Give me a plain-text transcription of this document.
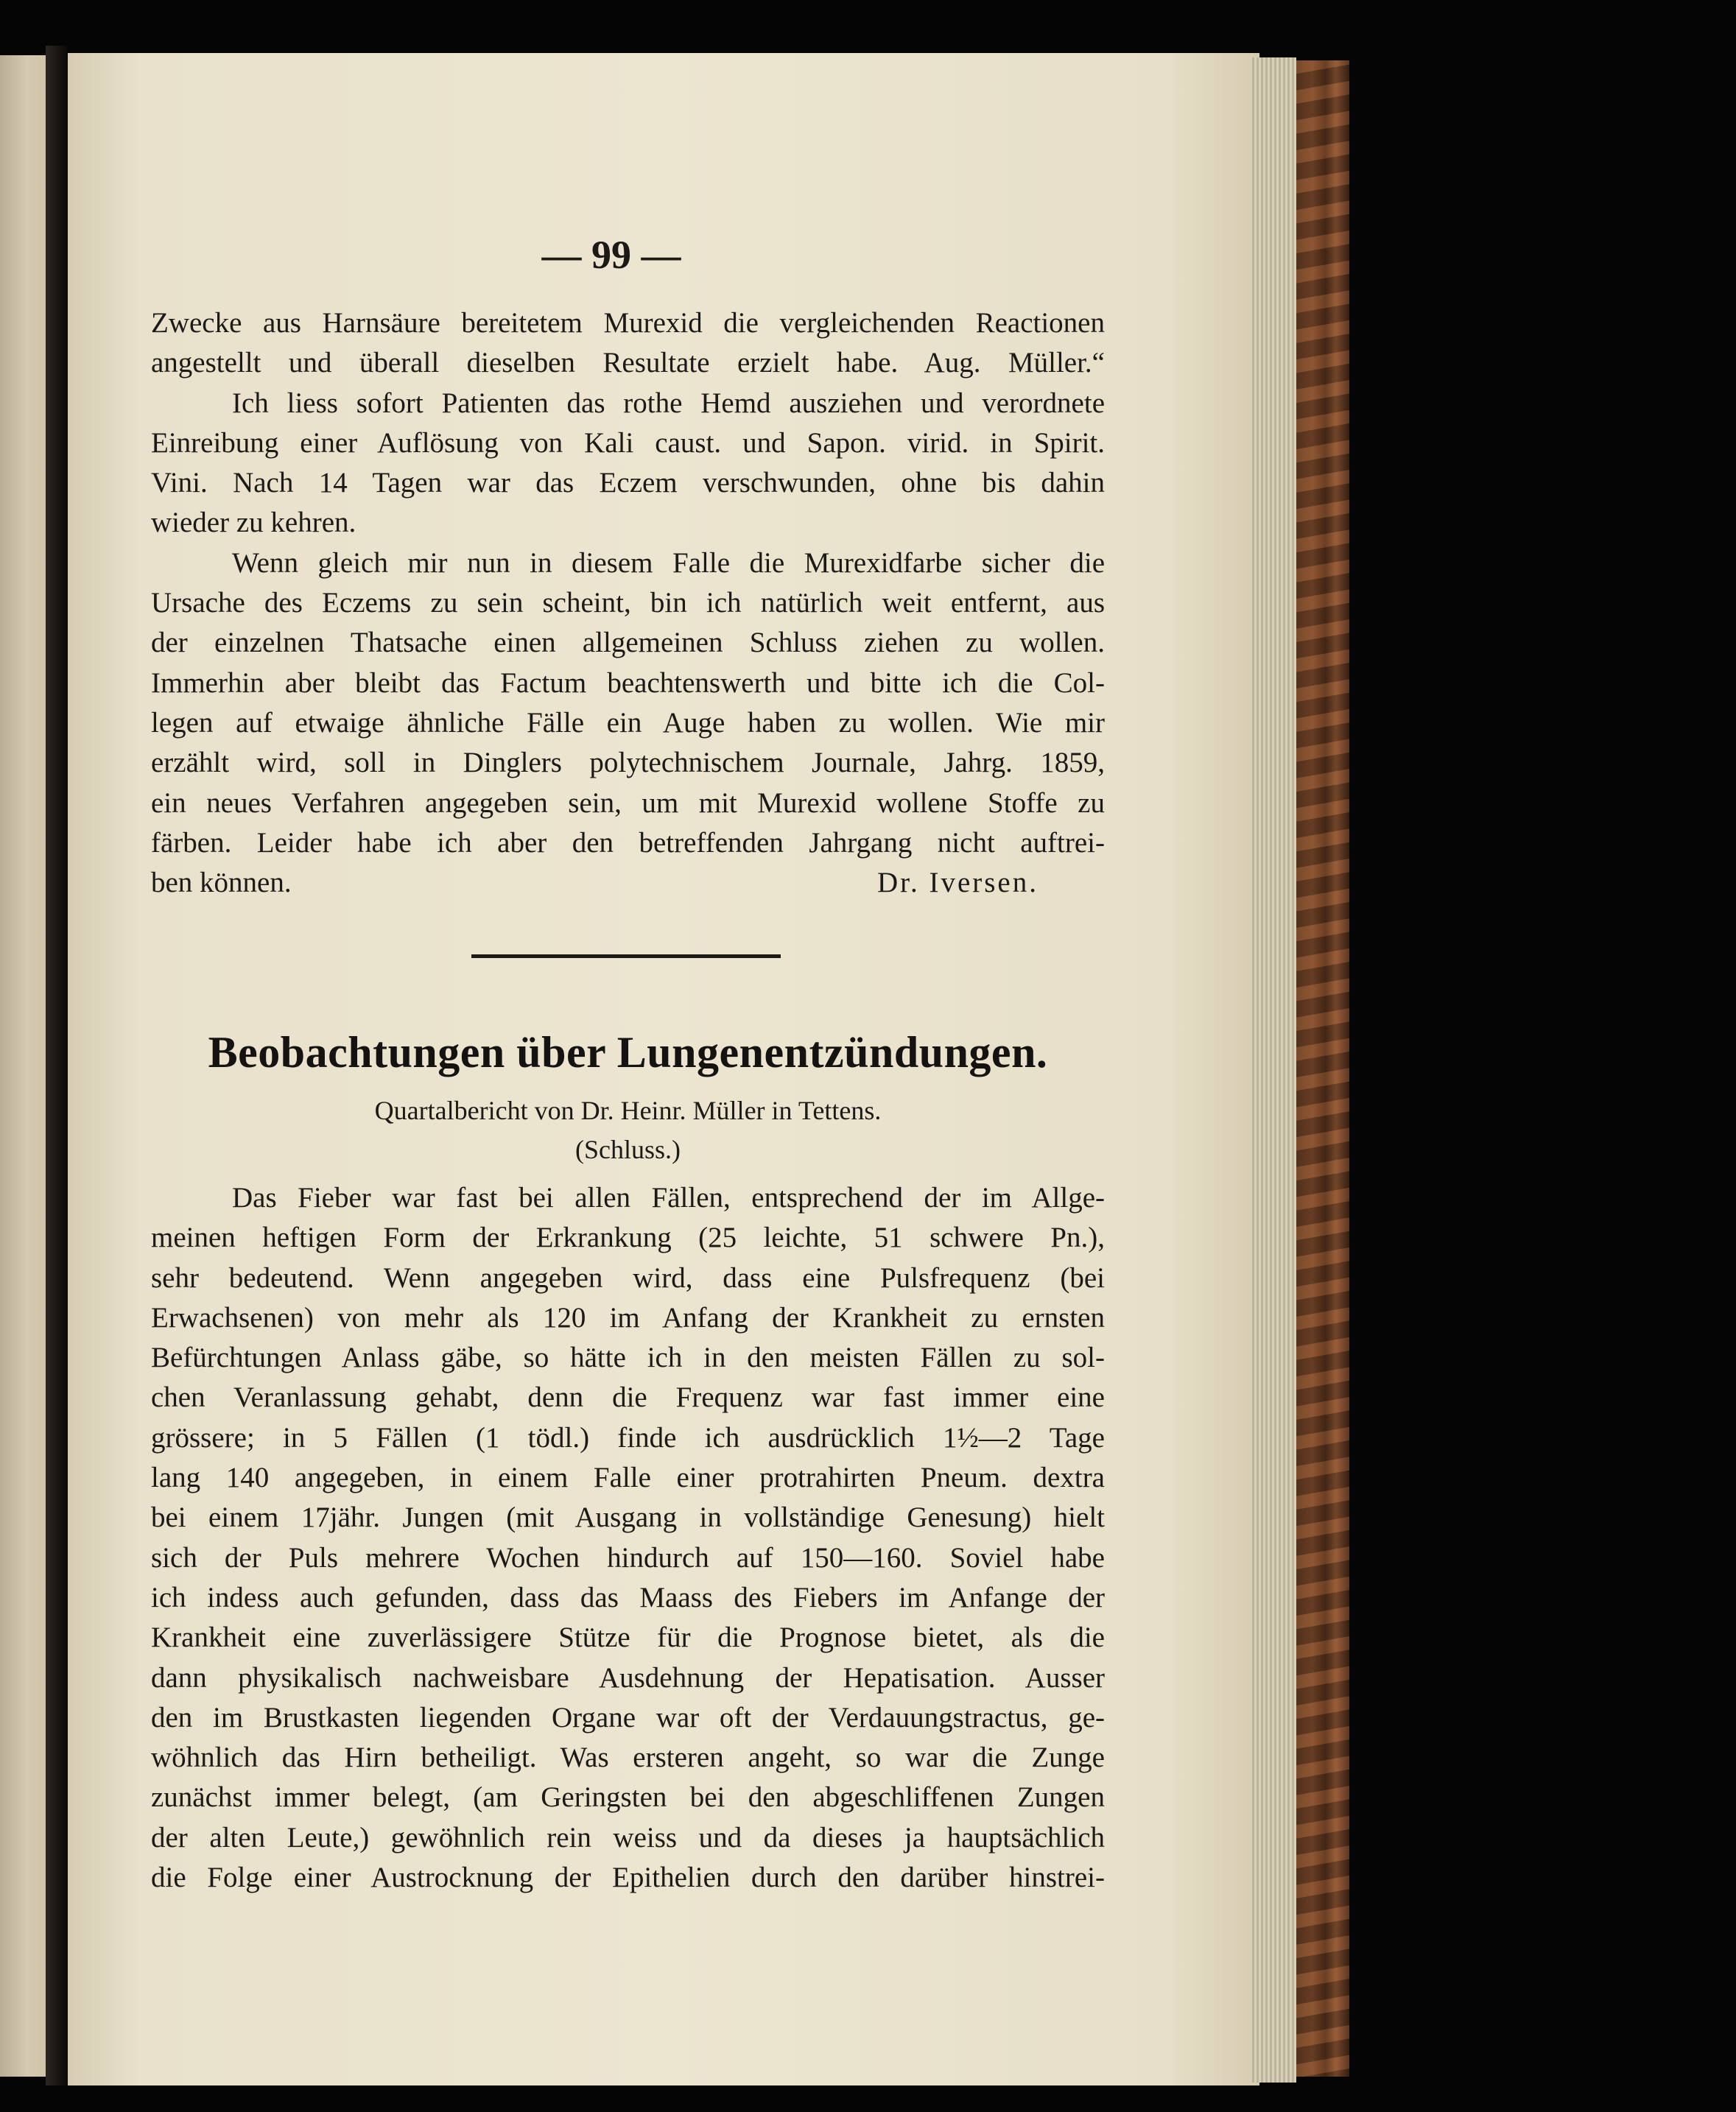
— 99 —
Zwecke aus Harnsäure bereitetem Murexid die vergleichenden Reactionen
angestellt und überall dieselben Resultate erzielt habe. Aug. Müller.“
Ich liess sofort Patienten das rothe Hemd ausziehen und verordnete
Einreibung einer Auflösung von Kali caust. und Sapon. virid. in Spirit.
Vini. Nach 14 Tagen war das Eczem verschwunden, ohne bis dahin
wieder zu kehren.
Wenn gleich mir nun in diesem Falle die Murexidfarbe sicher die
Ursache des Eczems zu sein scheint, bin ich natürlich weit entfernt, aus
der einzelnen Thatsache einen allgemeinen Schluss ziehen zu wollen.
Immerhin aber bleibt das Factum beachtenswerth und bitte ich die Col-
legen auf etwaige ähnliche Fälle ein Auge haben zu wollen. Wie mir
erzählt wird, soll in Dinglers polytechnischem Journale, Jahrg. 1859,
ein neues Verfahren angegeben sein, um mit Murexid wollene Stoffe zu
färben. Leider habe ich aber den betreffenden Jahrgang nicht auftrei-
ben können.	Dr. Iversen.
Beobachtungen über Lungenentzündungen.
Quartalbericht von Dr. Heinr. Müller in Tettens.
(Schluss.)
Das Fieber war fast bei allen Fällen, entsprechend der im Allge-
meinen heftigen Form der Erkrankung (25 leichte, 51 schwere Pn.),
sehr bedeutend. Wenn angegeben wird, dass eine Pulsfrequenz (bei
Erwachsenen) von mehr als 120 im Anfang der Krankheit zu ernsten
Befürchtungen Anlass gäbe, so hätte ich in den meisten Fällen zu sol-
chen Veranlassung gehabt, denn die Frequenz war fast immer eine
grössere; in 5 Fällen (1 tödl.) finde ich ausdrücklich 1½—2 Tage
lang 140 angegeben, in einem Falle einer protrahirten Pneum. dextra
bei einem 17jähr. Jungen (mit Ausgang in vollständige Genesung) hielt
sich der Puls mehrere Wochen hindurch auf 150—160. Soviel habe
ich indess auch gefunden, dass das Maass des Fiebers im Anfange der
Krankheit eine zuverlässigere Stütze für die Prognose bietet, als die
dann physikalisch nachweisbare Ausdehnung der Hepatisation. Ausser
den im Brustkasten liegenden Organe war oft der Verdauungstractus, ge-
wöhnlich das Hirn betheiligt. Was ersteren angeht, so war die Zunge
zunächst immer belegt, (am Geringsten bei den abgeschliffenen Zungen
der alten Leute,) gewöhnlich rein weiss und da dieses ja hauptsächlich
die Folge einer Austrocknung der Epithelien durch den darüber hinstrei-
